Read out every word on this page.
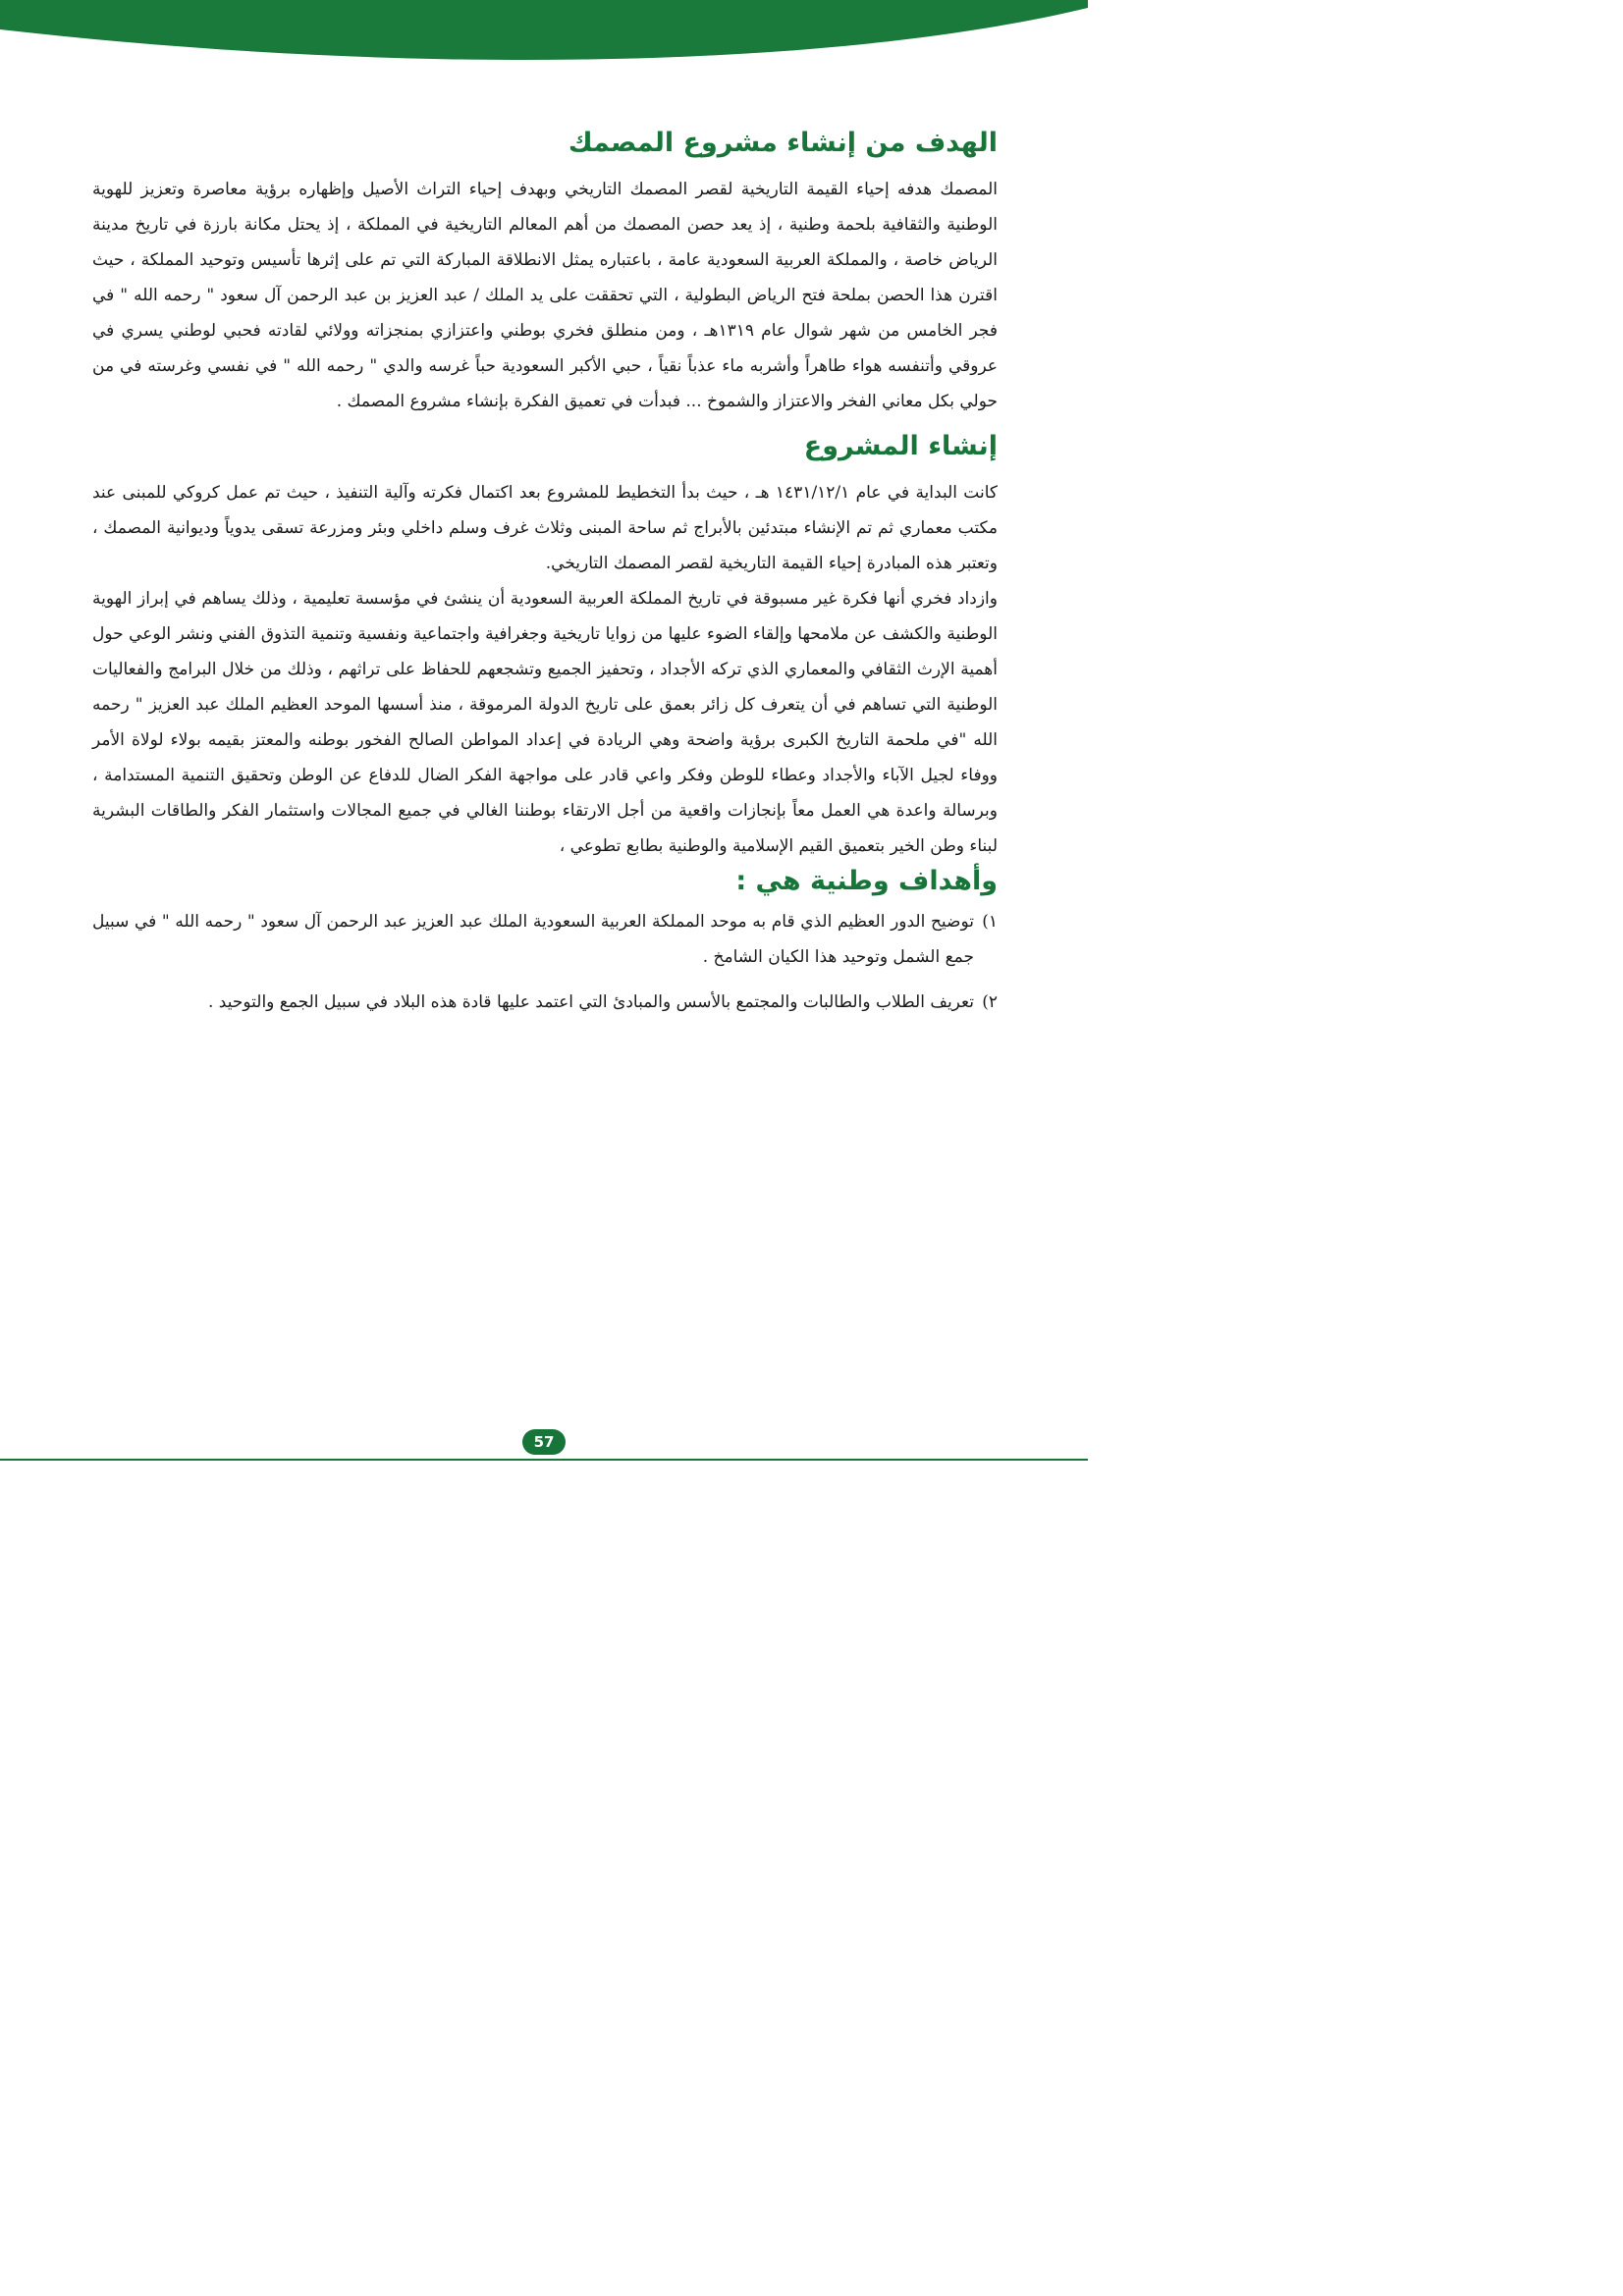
الهدف من إنشاء مشروع المصمك

المصمك هدفه إحياء القيمة التاريخية لقصر المصمك التاريخي وبهدف إحياء التراث الأصيل وإظهاره برؤية معاصرة وتعزيز للهوية الوطنية والثقافية بلحمة وطنية ، إذ يعد حصن المصمك من أهم المعالم التاريخية في المملكة ، إذ يحتل مكانة بارزة في تاريخ مدينة الرياض خاصة ، والمملكة العربية السعودية عامة ، باعتباره يمثل الانطلاقة المباركة التي تم على إثرها تأسيس وتوحيد المملكة ، حيث اقترن هذا الحصن بملحة فتح الرياض البطولية ، التي تحققت على يد الملك / عبد العزيز بن عبد الرحمن آل سعود " رحمه الله " في فجر الخامس من شهر شوال عام ١٣١٩هـ ، ومن منطلق فخري بوطني واعتزازي بمنجزاته وولائي لقادته فحبي لوطني يسري في عروقي وأتنفسه هواء طاهراً وأشربه ماء عذباً نقياً ، حبي الأكبر السعودية حباً غرسه والدي " رحمه الله " في نفسي وغرسته في من حولي بكل معاني الفخر والاعتزاز والشموخ ... فبدأت في تعميق الفكرة بإنشاء مشروع المصمك .

إنشاء المشروع

كانت البداية في عام ١٤٣١/١٢/١ هـ ، حيث بدأ التخطيط للمشروع بعد اكتمال فكرته وآلية التنفيذ ، حيث تم عمل كروكي للمبنى عند مكتب معماري ثم تم الإنشاء مبتدئين بالأبراج ثم ساحة المبنى وثلاث غرف وسلم داخلي وبئر ومزرعة تسقى يدوياً وديوانية المصمك ، وتعتبر هذه المبادرة إحياء القيمة التاريخية لقصر المصمك التاريخي.

وازداد فخري أنها فكرة غير مسبوقة في تاريخ المملكة العربية السعودية أن ينشئ في مؤسسة تعليمية ، وذلك يساهم في إبراز الهوية الوطنية والكشف عن ملامحها وإلقاء الضوء عليها من زوايا تاريخية وجغرافية واجتماعية ونفسية وتنمية التذوق الفني ونشر الوعي حول أهمية الإرث الثقافي والمعماري الذي تركه الأجداد ، وتحفيز الجميع وتشجعهم للحفاظ على تراثهم ، وذلك من خلال البرامج والفعاليات الوطنية التي تساهم في أن يتعرف كل زائر بعمق على تاريخ الدولة المرموقة ، منذ أسسها الموحد العظيم الملك عبد العزيز " رحمه الله "في ملحمة التاريخ الكبرى برؤية واضحة وهي الريادة في إعداد المواطن الصالح الفخور بوطنه والمعتز بقيمه بولاء لولاة الأمر ووفاء لجيل الآباء والأجداد وعطاء للوطن وفكر واعي قادر على مواجهة الفكر الضال للدفاع عن الوطن وتحقيق التنمية المستدامة ، وبرسالة واعدة هي العمل معاً بإنجازات واقعية من أجل الارتقاء بوطننا الغالي في جميع المجالات واستثمار الفكر والطاقات البشرية لبناء وطن الخير بتعميق القيم الإسلامية والوطنية بطابع تطوعي ،

وأهداف وطنية هي :
١)
توضيح الدور العظيم الذي قام به موحد المملكة العربية السعودية الملك عبد العزيز عبد الرحمن آل سعود " رحمه الله " في سبيل جمع الشمل وتوحيد هذا الكيان الشامخ .
٢)
تعريف الطلاب والطالبات والمجتمع بالأسس والمبادئ التي اعتمد عليها قادة هذه البلاد في سبيل الجمع والتوحيد .
57
